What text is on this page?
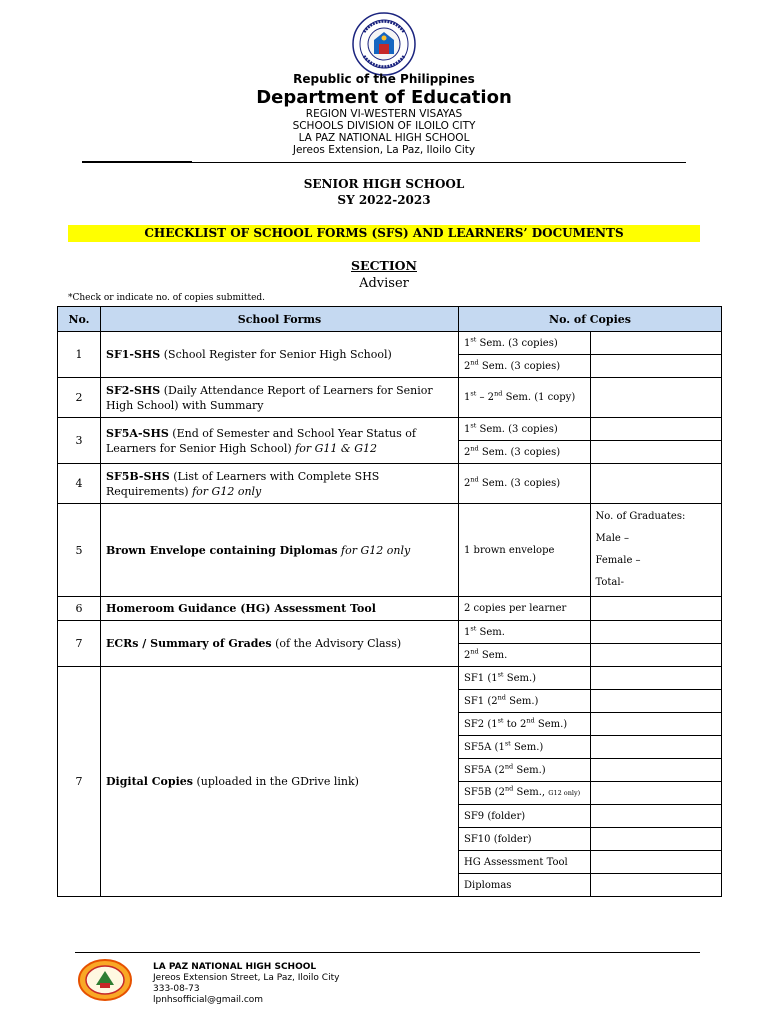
Republic of the Philippines
Department of Education
REGION VI-WESTERN VISAYAS
SCHOOLS DIVISION OF ILOILO CITY
LA PAZ NATIONAL HIGH SCHOOL
Jereos Extension, La Paz, Iloilo City
SENIOR HIGH SCHOOL
SY 2022-2023
CHECKLIST OF SCHOOL FORMS (SFS) AND LEARNERS’ DOCUMENTS
SECTION
Adviser
*Check or indicate no. of copies submitted.
No.	School Forms	No. of Copies	
1	SF1-SHS (School Register for Senior High School)	1st Sem. (3 copies)	
		2nd Sem. (3 copies)	
2	SF2-SHS (Daily Attendance Report of Learners for Senior High School) with Summary	1st – 2nd Sem. (1 copy)	
3	SF5A-SHS (End of Semester and School Year Status of Learners for Senior High School) for G11 & G12	1st Sem. (3 copies)	
		2nd Sem. (3 copies)	
4	SF5B-SHS (List of Learners with Complete SHS Requirements) for G12 only	2nd Sem. (3 copies)	
5	Brown Envelope containing Diplomas for G12 only	1 brown envelope	No. of Graduates:
Male –
Female –
Total-

6	Homeroom Guidance (HG) Assessment Tool	2 copies per learner	
7	ECRs / Summary of Grades (of the Advisory Class)	1st Sem.	
		2nd Sem.	
7	Digital Copies (uploaded in the GDrive link)	SF1 (1st Sem.)	
		SF1 (2nd Sem.)	
		SF2 (1st to 2nd Sem.)	
		SF5A (1st Sem.)	
		SF5A (2nd Sem.)	
		SF5B (2nd Sem., G12 only)	
		SF9 (folder)	
		SF10 (folder)	
		HG Assessment Tool	
		Diplomas	
LA PAZ NATIONAL HIGH SCHOOL
Jereos Extension Street, La Paz, Iloilo City
333-08-73
lpnhsofficial@gmail.com
